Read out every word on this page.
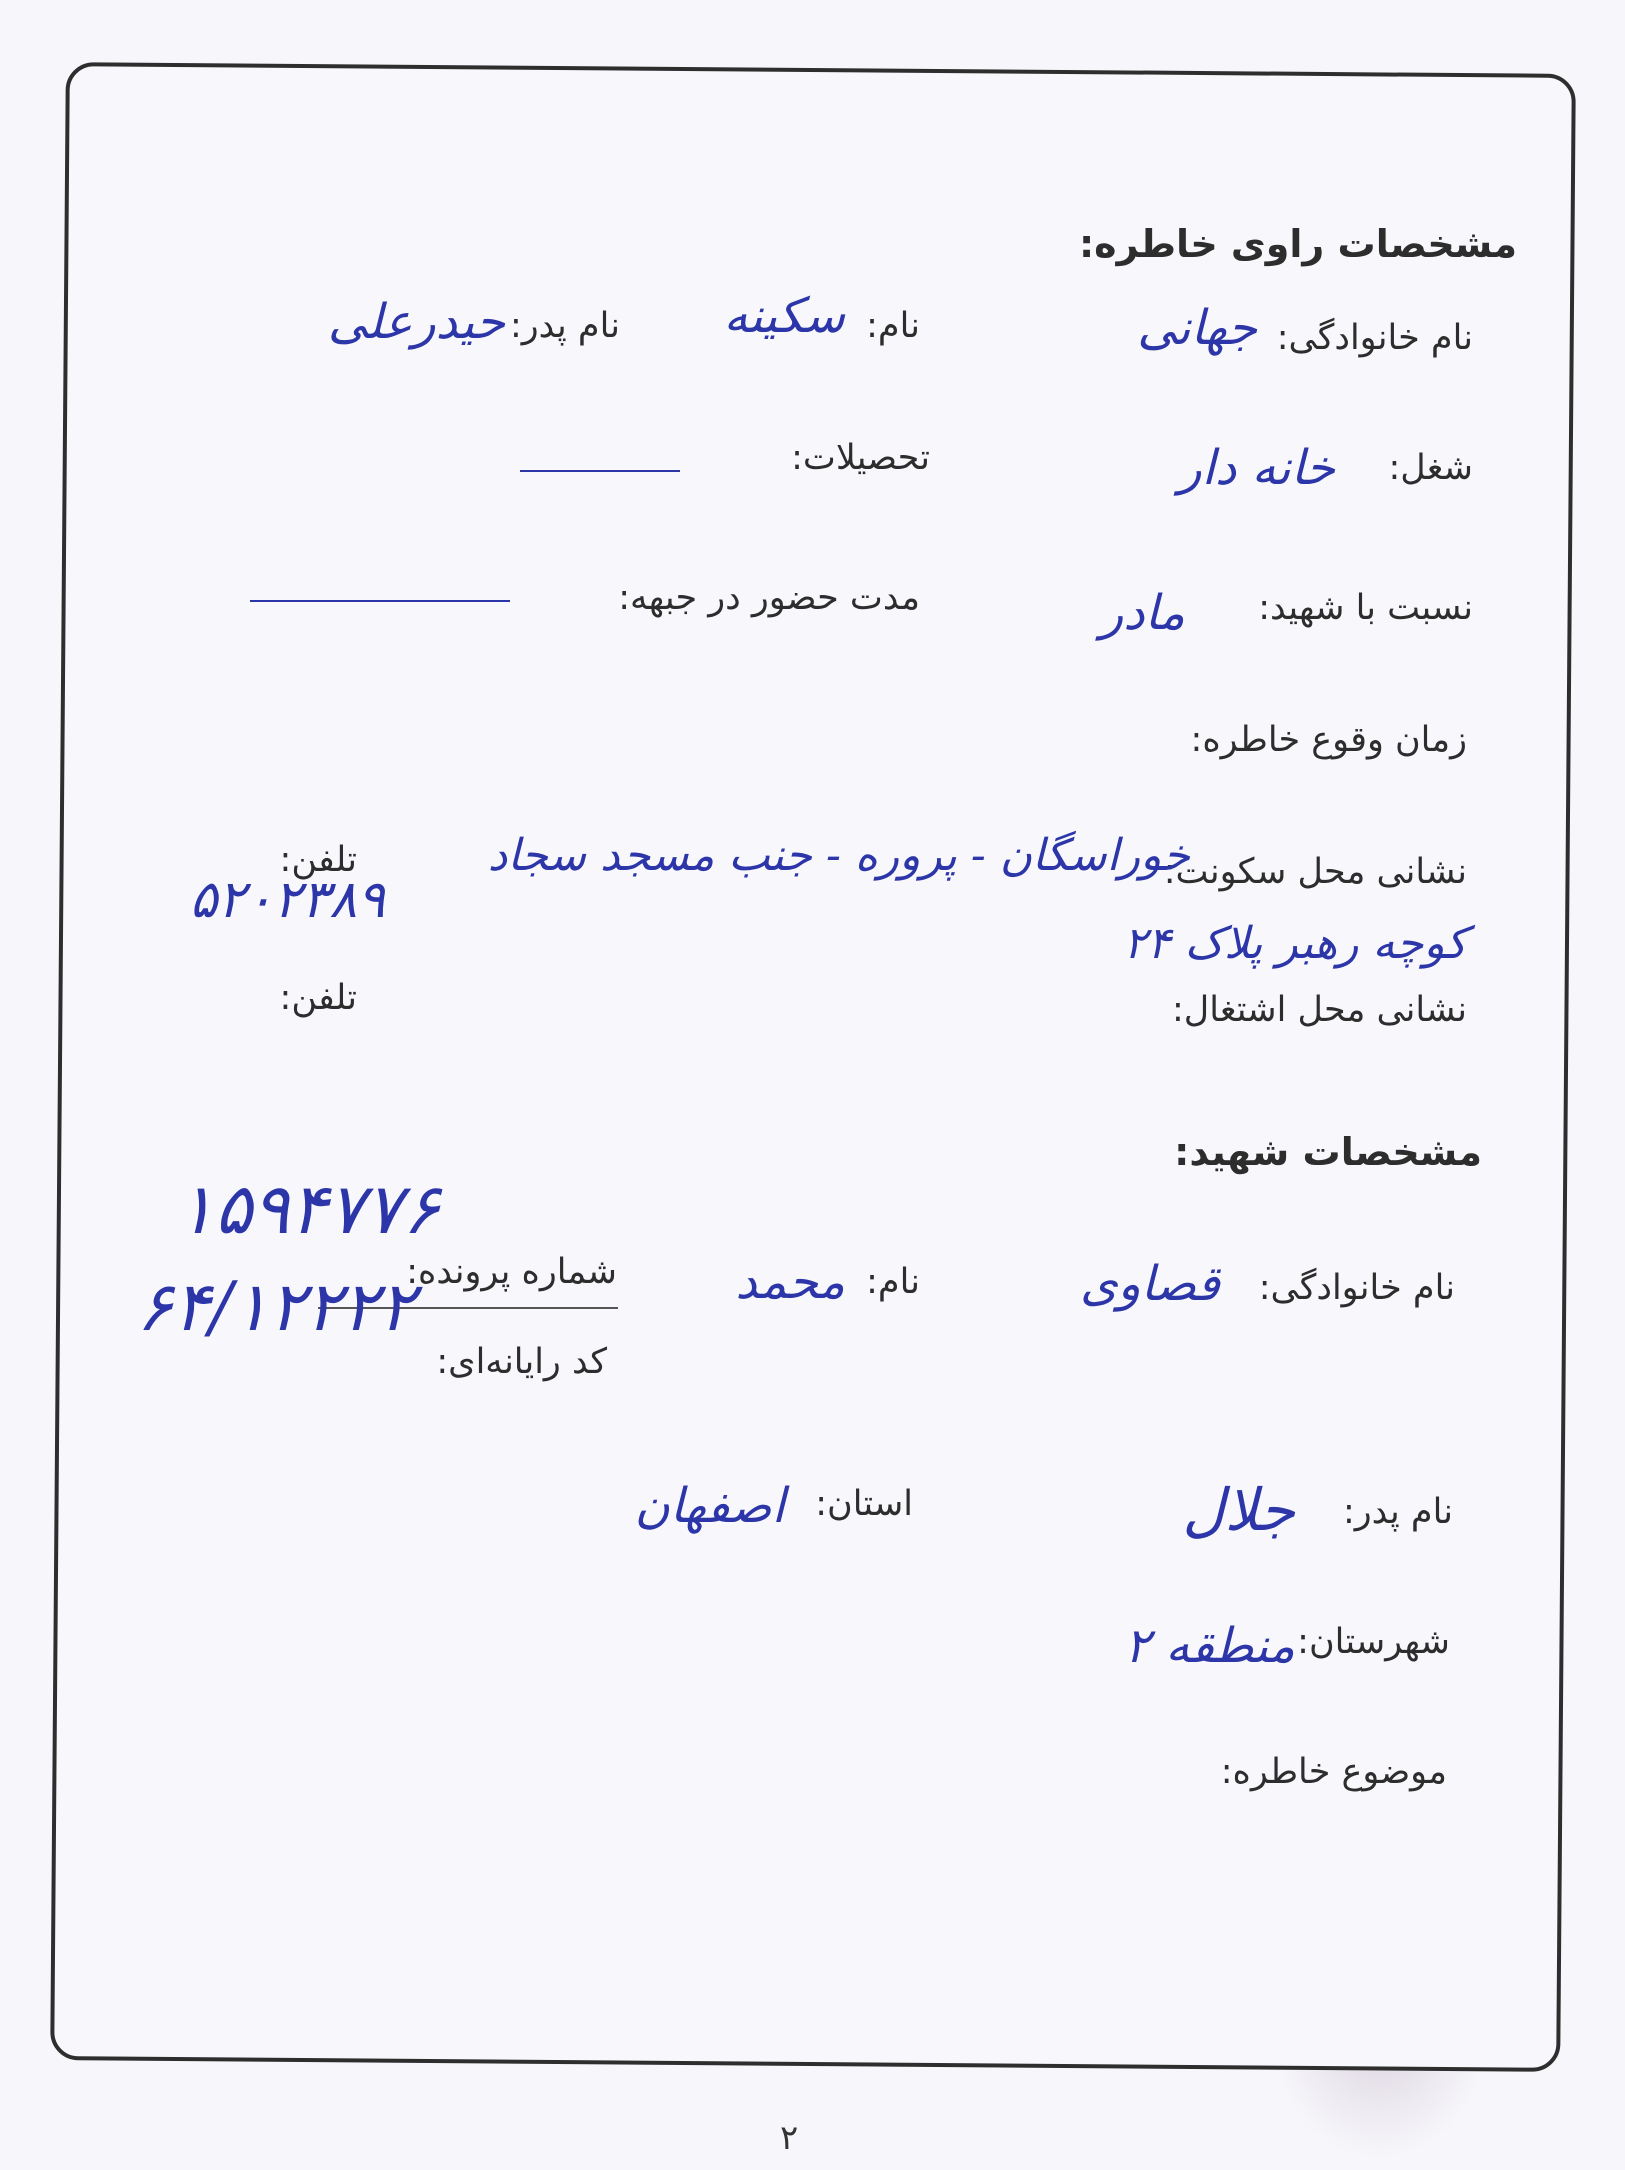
مشخصات راوی خاطره:
نام خانوادگی:
جهانی
نام:
سکینه
نام پدر:
حیدرعلی
شغل:
خانه دار
تحصیلات:
نسبت با شهید:
مادر
مدت حضور در جبهه:
زمان وقوع خاطره:
نشانی محل سکونت:
خوراسگان - پروره - جنب مسجد سجاد
کوچه رهبر پلاک ۲۴
تلفن:
۵۲۰۲۳۸۹
نشانی محل اشتغال:
تلفن:
مشخصات شهید:
نام خانوادگی:
قصاوی
نام:
محمد
شماره پرونده:
۱۵۹۴۷۷۶
کد رایانه‌ای:
۶۴/۱۲۲۲۲
نام پدر:
جلال
استان:
اصفهان
شهرستان:
منطقه ۲
موضوع خاطره:
۲
